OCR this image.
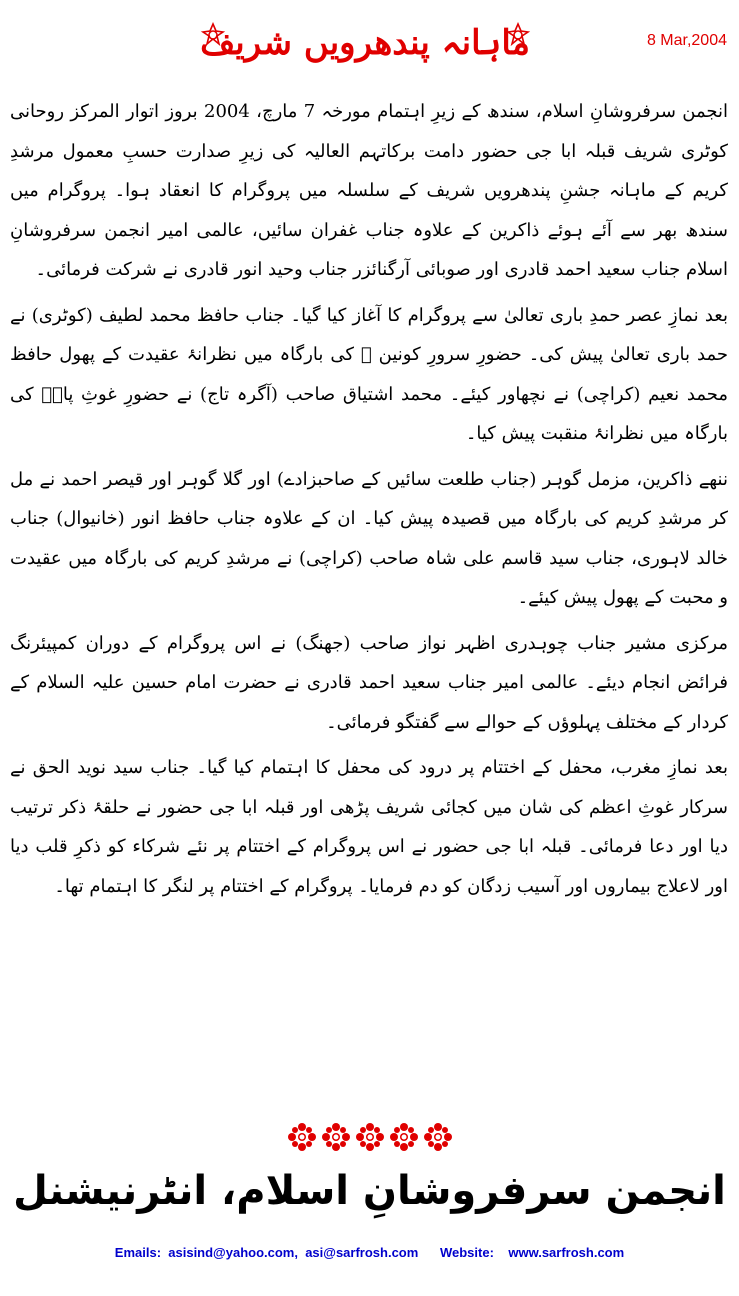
ماہانہ پندھرویں شریف	8 Mar,2004

انجمن سرفروشانِ اسلام، سندھ کے زیرِ اہتمام مورخہ 7 مارچ، 2004 بروز اتوار المرکز روحانی کوٹری شریف قبلہ ابا جی حضور دامت برکاتہم العالیہ کی زیرِ صدارت حسبِ معمول مرشدِ کریم کے ماہانہ جشنِ پندھرویں شریف کے سلسلہ میں پروگرام کا انعقاد ہوا۔ پروگرام میں سندھ بھر سے آئے ہوئے ذاکرین کے علاوہ جناب غفران سائیں، عالمی امیر انجمن سرفروشانِ اسلام جناب سعید احمد قادری اور صوبائی آرگنائزر جناب وحید انور قادری نے شرکت فرمائی۔

بعد نمازِ عصر حمدِ باری تعالیٰ سے پروگرام کا آغاز کیا گیا۔ جناب حافظ محمد لطیف (کوٹری) نے حمد باری تعالیٰ پیش کی۔ حضورِ سرورِ کونین ﷺ کی بارگاہ میں نظرانۂ عقیدت کے پھول حافظ محمد نعیم (کراچی) نے نچھاور کیئے۔ محمد اشتیاق صاحب (آگرہ تاج) نے حضورِ غوثِ پاکؓ کی بارگاہ میں نظرانۂ منقبت پیش کیا۔

ننھے ذاکرین، مزمل گوہر (جناب طلعت سائیں کے صاحبزادے) اور گلا گوہر اور قیصر احمد نے مل کر مرشدِ کریم کی بارگاہ میں قصیدہ پیش کیا۔ ان کے علاوہ جناب حافظ انور (خانیوال) جناب خالد لاہوری، جناب سید قاسم علی شاہ صاحب (کراچی) نے مرشدِ کریم کی بارگاہ میں عقیدت و محبت کے پھول پیش کیئے۔

مرکزی مشیر جناب چوہدری اظہر نواز صاحب (جھنگ) نے اس پروگرام کے دوران کمپیئرنگ فرائض انجام دیئے۔ عالمی امیر جناب سعید احمد قادری نے حضرت امام حسین علیہ السلام کے کردار کے مختلف پہلوؤں کے حوالے سے گفتگو فرمائی۔

بعد نمازِ مغرب، محفل کے اختتام پر درود کی محفل کا اہتمام کیا گیا۔ جناب سید نوید الحق نے سرکار غوثِ اعظم کی شان میں کجائی شریف پڑھی اور قبلہ ابا جی حضور نے حلقۂ ذکر ترتیب دیا اور دعا فرمائی۔ قبلہ ابا جی حضور نے اس پروگرام کے اختتام پر نئے شرکاء کو ذکرِ قلب دیا اور لاعلاج بیماروں اور آسیب زدگان کو دم فرمایا۔ پروگرام کے اختتام پر لنگر کا اہتمام تھا۔

انجمن سرفروشانِ اسلام، انٹرنیشنل
Emails:  asisind@yahoo.com,  asi@sarfrosh.com      Website:    www.sarfrosh.com
